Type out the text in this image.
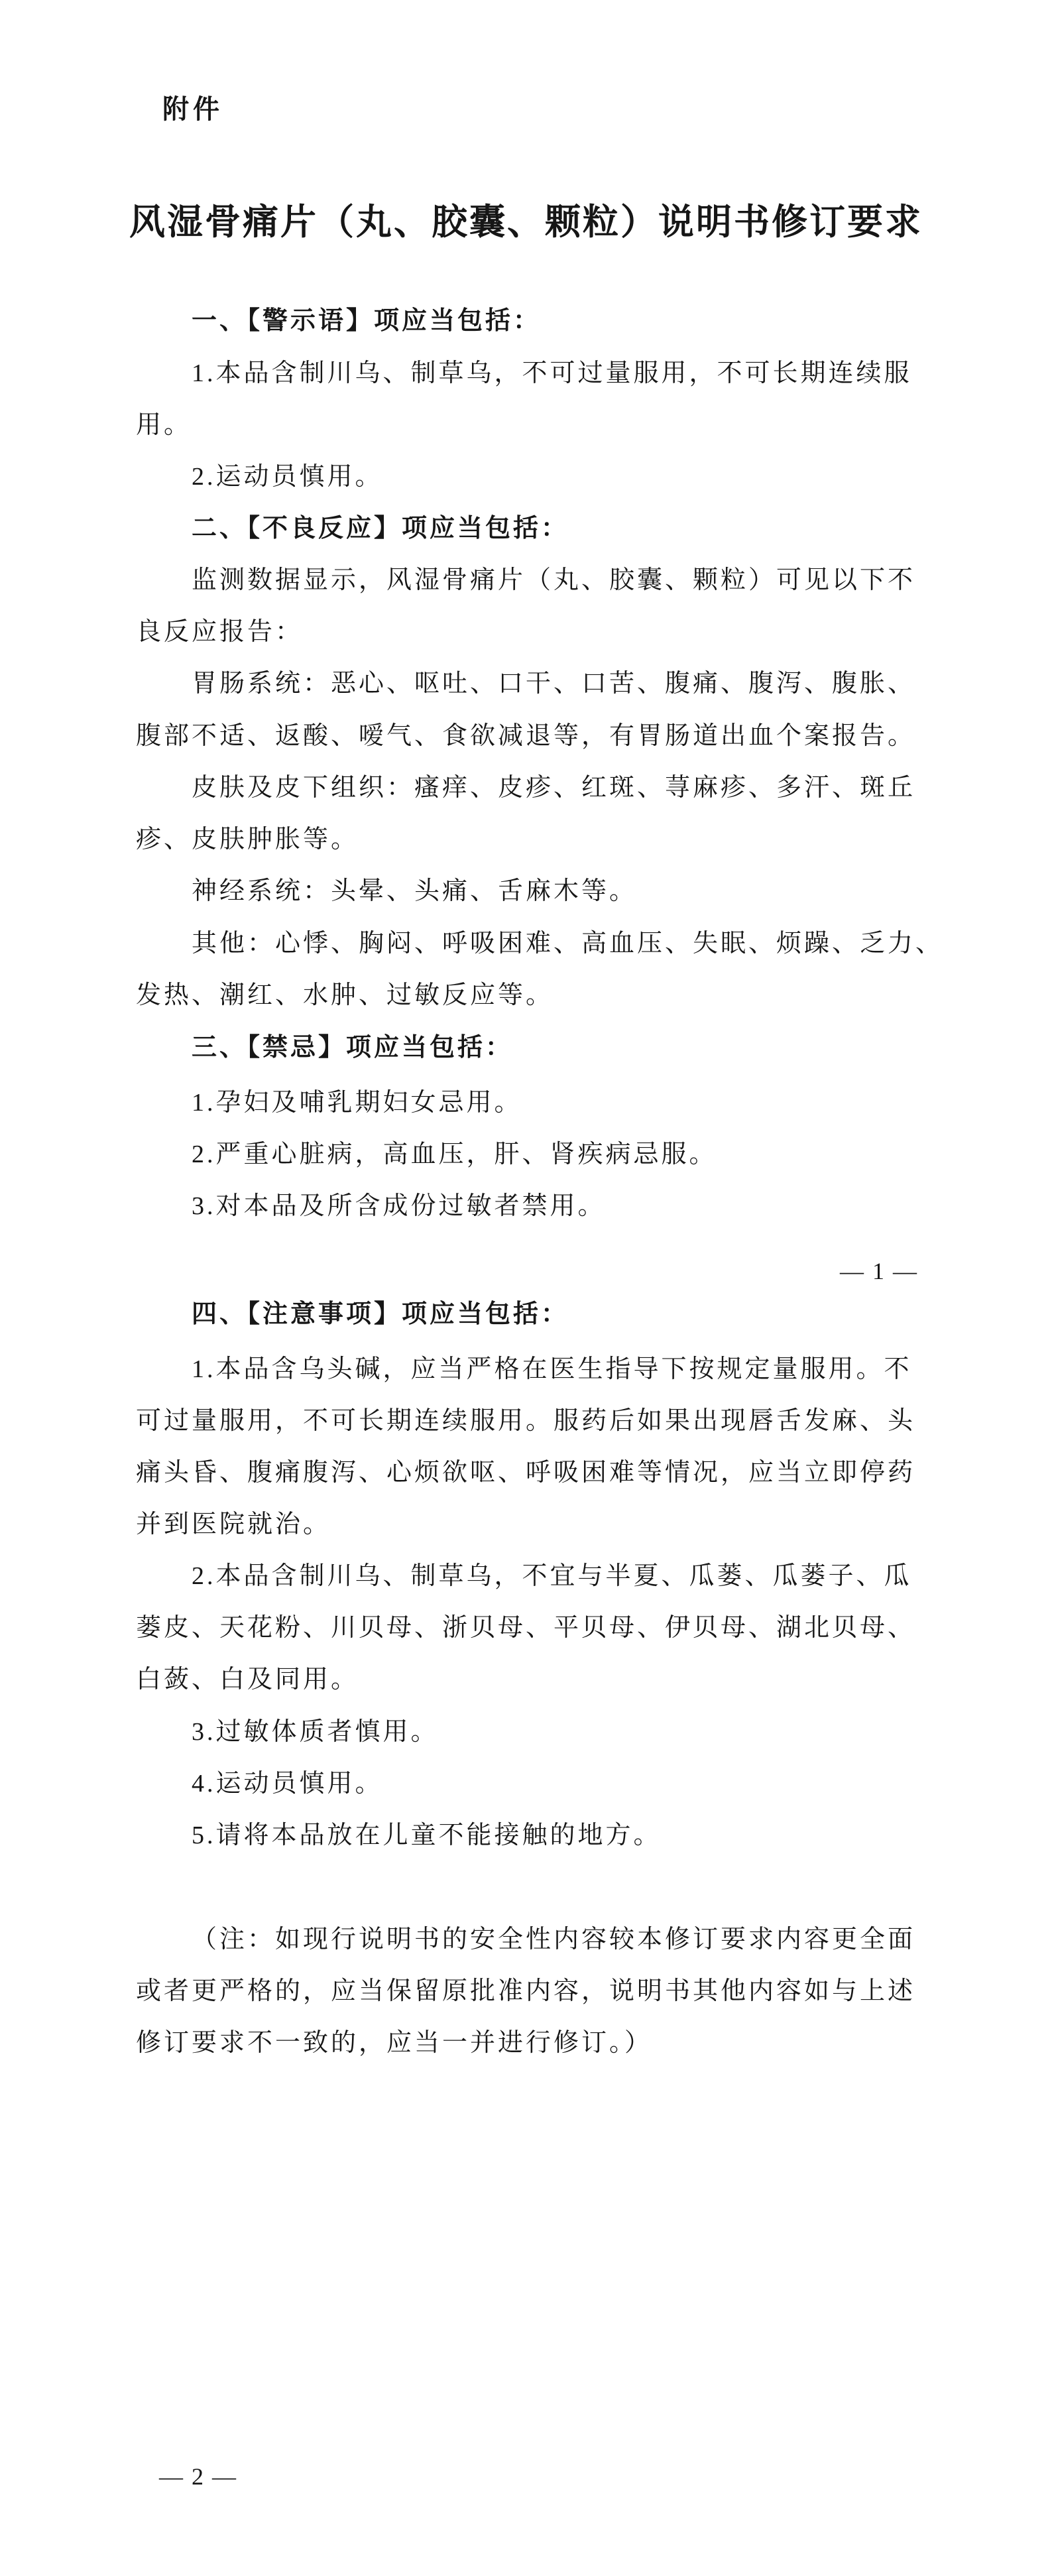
附件
风湿骨痛片（丸、胶囊、颗粒）说明书修订要求
一、【警示语】项应当包括：
1.本品含制川乌、制草乌，不可过量服用，不可长期连续服
用。
2.运动员慎用。
二、【不良反应】项应当包括：
监测数据显示，风湿骨痛片（丸、胶囊、颗粒）可见以下不
良反应报告：
胃肠系统：恶心、呕吐、口干、口苦、腹痛、腹泻、腹胀、
腹部不适、返酸、嗳气、食欲减退等，有胃肠道出血个案报告。
皮肤及皮下组织：瘙痒、皮疹、红斑、荨麻疹、多汗、斑丘
疹、皮肤肿胀等。
神经系统：头晕、头痛、舌麻木等。
其他：心悸、胸闷、呼吸困难、高血压、失眠、烦躁、乏力、
发热、潮红、水肿、过敏反应等。
三、【禁忌】项应当包括：
1.孕妇及哺乳期妇女忌用。
2.严重心脏病，高血压，肝、肾疾病忌服。
3.对本品及所含成份过敏者禁用。
— 1 —
四、【注意事项】项应当包括：
1.本品含乌头碱，应当严格在医生指导下按规定量服用。不
可过量服用，不可长期连续服用。服药后如果出现唇舌发麻、头
痛头昏、腹痛腹泻、心烦欲呕、呼吸困难等情况，应当立即停药
并到医院就治。
2.本品含制川乌、制草乌，不宜与半夏、瓜蒌、瓜蒌子、瓜
蒌皮、天花粉、川贝母、浙贝母、平贝母、伊贝母、湖北贝母、
白蔹、白及同用。
3.过敏体质者慎用。
4.运动员慎用。
5.请将本品放在儿童不能接触的地方。
（注：如现行说明书的安全性内容较本修订要求内容更全面
或者更严格的，应当保留原批准内容，说明书其他内容如与上述
修订要求不一致的，应当一并进行修订。）
— 2 —
